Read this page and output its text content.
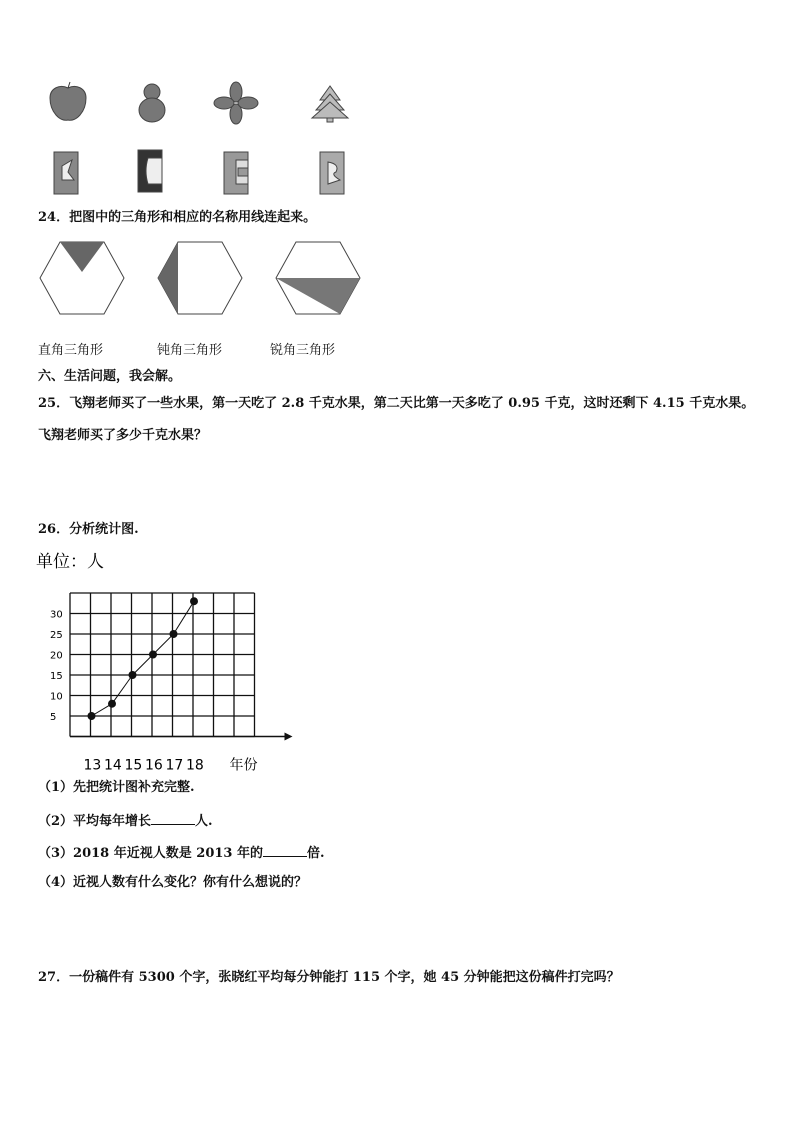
24．把图中的三角形和相应的名称用线连起来。
直角三角形	钝角三角形	锐角三角形
六、生活问题，我会解。
25．飞翔老师买了一些水果，第一天吃了 2.8 千克水果，第二天比第一天多吃了 0.95 千克，这时还剩下 4.15 千克水果。
飞翔老师买了多少千克水果？
26．分析统计图.
单位：人
5
10
15
20
25
30
13 14 15 16 17 18 年份
（1）先把统计图补充完整.
（2）平均每年增长	人.
（3）2018 年近视人数是 2013 年的	倍.
（4）近视人数有什么变化？你有什么想说的？
27．一份稿件有 5300 个字，张晓红平均每分钟能打 115 个字，她 45 分钟能把这份稿件打完吗？
